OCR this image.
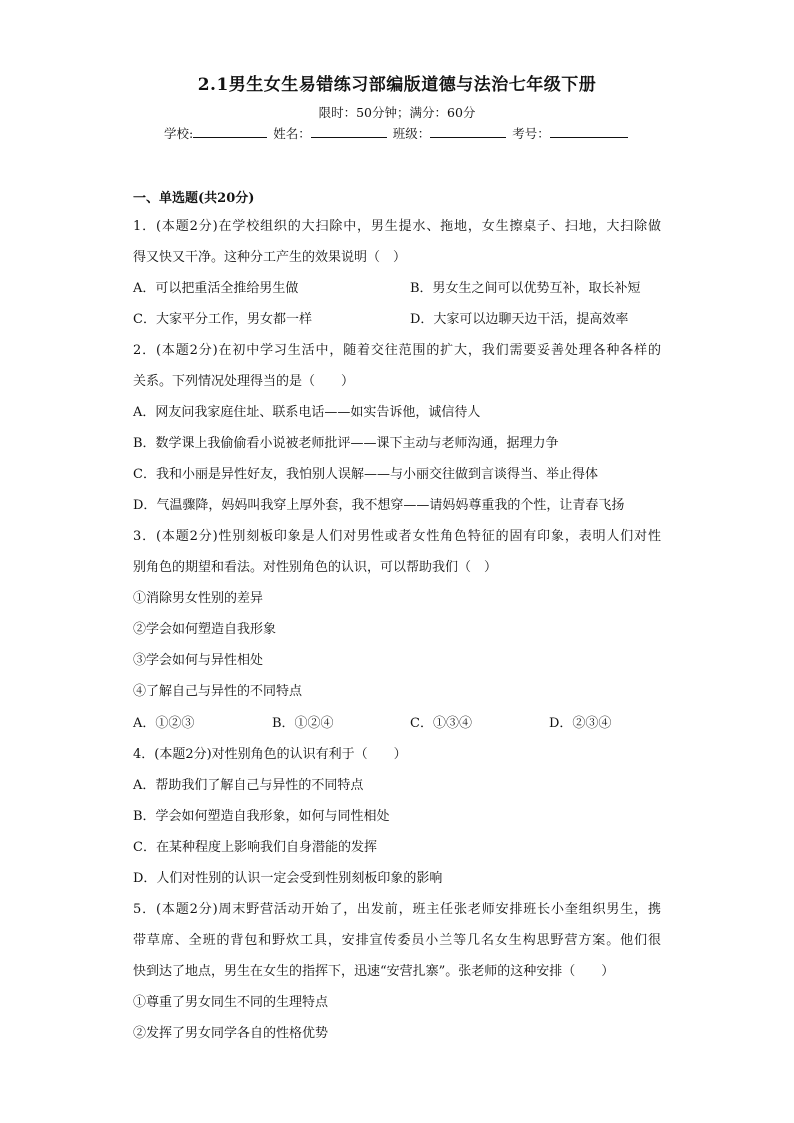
2.1男生女生易错练习部编版道德与法治七年级下册
限时：50分钟；满分：60分
学校:	姓名：	班级：	考号：
一、单选题(共20分)
1．(本题2分)在学校组织的大扫除中，男生提水、拖地，女生擦桌子、扫地，大扫除做
得又快又干净。这种分工产生的效果说明（　）
A．可以把重活全推给男生做	B．男女生之间可以优势互补，取长补短
C．大家平分工作，男女都一样	D．大家可以边聊天边干活，提高效率
2．(本题2分)在初中学习生活中，随着交往范围的扩大，我们需要妥善处理各种各样的
关系。下列情况处理得当的是（　　）
A．网友问我家庭住址、联系电话——如实告诉他，诚信待人
B．数学课上我偷偷看小说被老师批评——课下主动与老师沟通，据理力争
C．我和小丽是异性好友，我怕别人误解——与小丽交往做到言谈得当、举止得体
D．气温骤降，妈妈叫我穿上厚外套，我不想穿——请妈妈尊重我的个性，让青春飞扬
3．(本题2分)性别刻板印象是人们对男性或者女性角色特征的固有印象，表明人们对性
别角色的期望和看法。对性别角色的认识，可以帮助我们（　）
①消除男女性别的差异
②学会如何塑造自我形象
③学会如何与异性相处
④了解自己与异性的不同特点
A．①②③	B．①②④	C．①③④	D．②③④
4．(本题2分)对性别角色的认识有利于（　　）
A．帮助我们了解自己与异性的不同特点
B．学会如何塑造自我形象，如何与同性相处
C．在某种程度上影响我们自身潜能的发挥
D．人们对性别的认识一定会受到性别刻板印象的影响
5．(本题2分)周末野营活动开始了，出发前，班主任张老师安排班长小奎组织男生，携
带草席、全班的背包和野炊工具，安排宣传委员小兰等几名女生构思野营方案。他们很
快到达了地点，男生在女生的指挥下，迅速“安营扎寨”。张老师的这种安排（　　）
①尊重了男女同生不同的生理特点
②发挥了男女同学各自的性格优势
